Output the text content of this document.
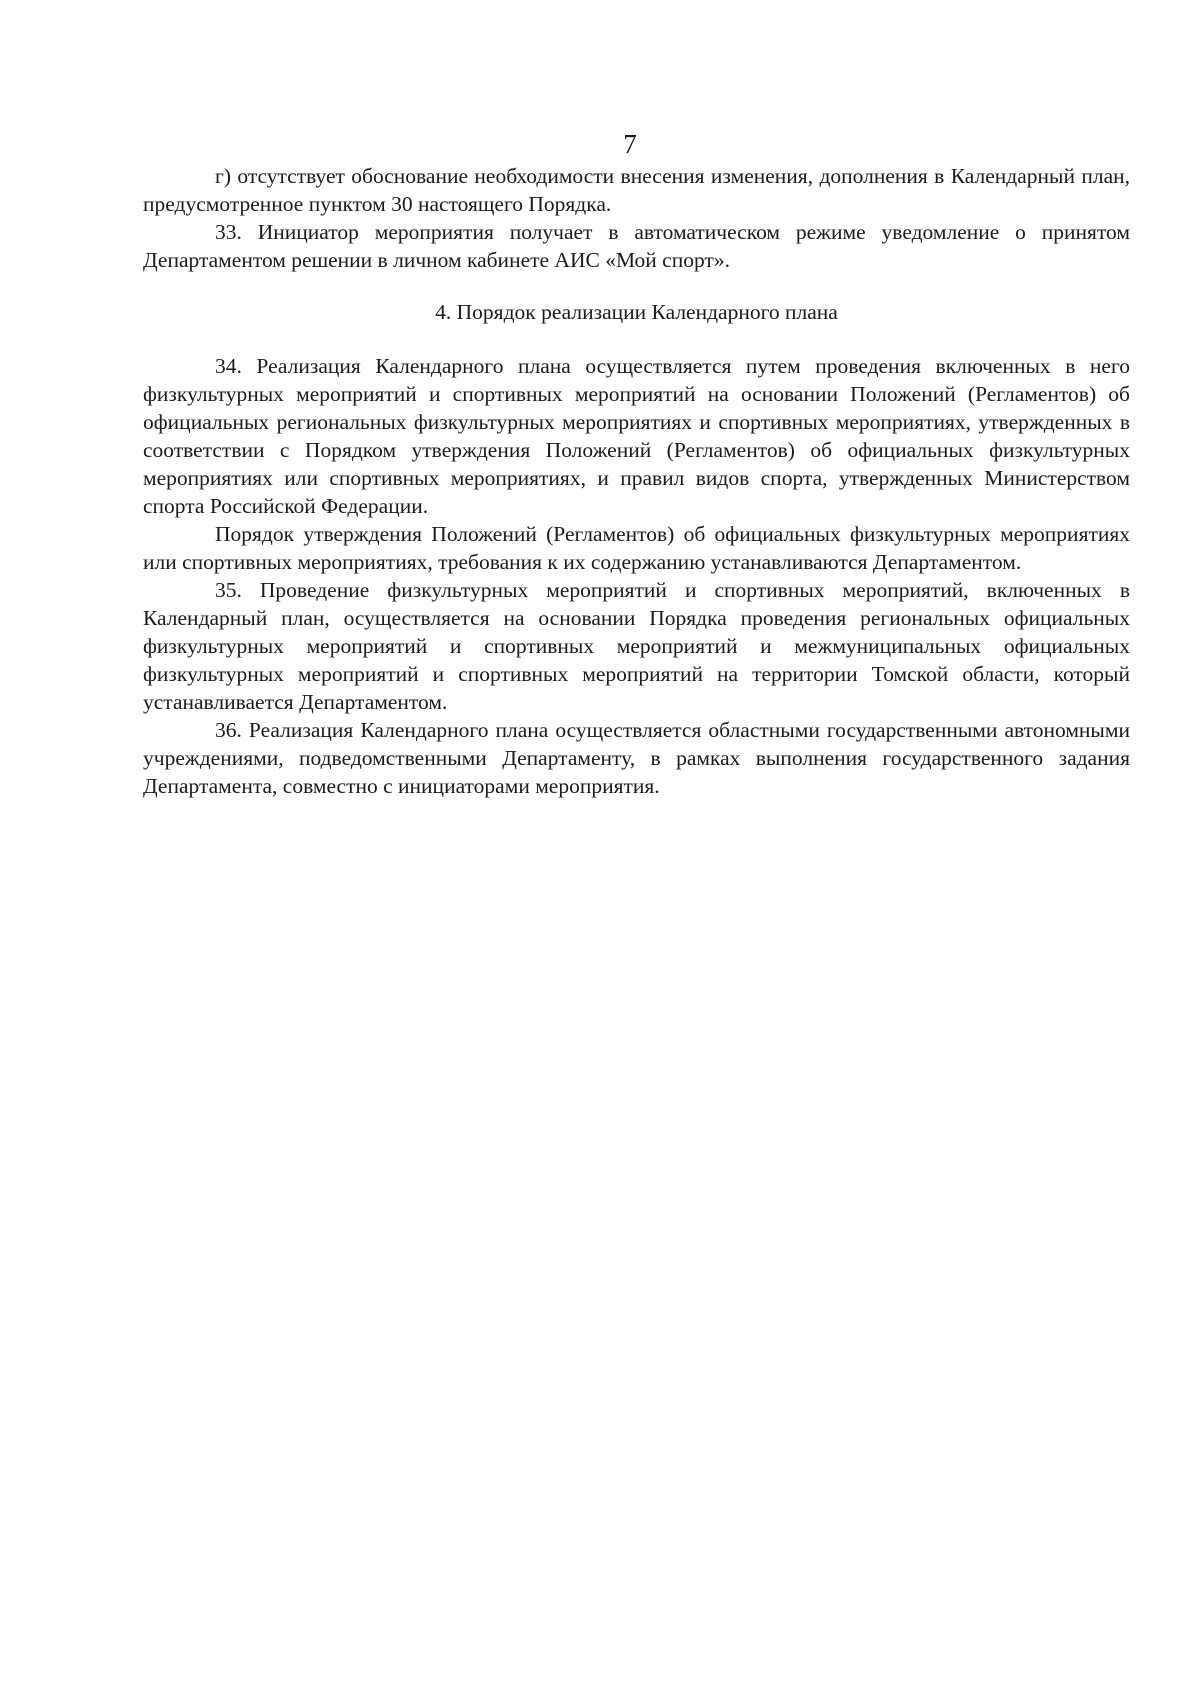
7

г) отсутствует обоснование необходимости внесения изменения, дополнения в Календарный план, предусмотренное пунктом 30 настоящего Порядка.

33. Инициатор мероприятия получает в автоматическом режиме уведомление о принятом Департаментом решении в личном кабинете АИС «Мой спорт».

4. Порядок реализации Календарного плана

34. Реализация Календарного плана осуществляется путем проведения включенных в него физкультурных мероприятий и спортивных мероприятий на основании Положений (Регламентов) об официальных региональных физкультурных мероприятиях и спортивных мероприятиях, утвержденных в соответствии с Порядком утверждения Положений (Регламентов) об официальных физкультурных мероприятиях или спортивных мероприятиях, и правил видов спорта, утвержденных Министерством спорта Российской Федерации.

Порядок утверждения Положений (Регламентов) об официальных физкультурных мероприятиях или спортивных мероприятиях, требования к их содержанию устанавливаются Департаментом.

35. Проведение физкультурных мероприятий и спортивных мероприятий, включенных в Календарный план, осуществляется на основании Порядка проведения региональных официальных физкультурных мероприятий и спортивных мероприятий и межмуниципальных официальных физкультурных мероприятий и спортивных мероприятий на территории Томской области, который устанавливается Департаментом.

36. Реализация Календарного плана осуществляется областными государственными автономными учреждениями, подведомственными Департаменту, в рамках выполнения государственного задания Департамента, совместно с инициаторами мероприятия.
